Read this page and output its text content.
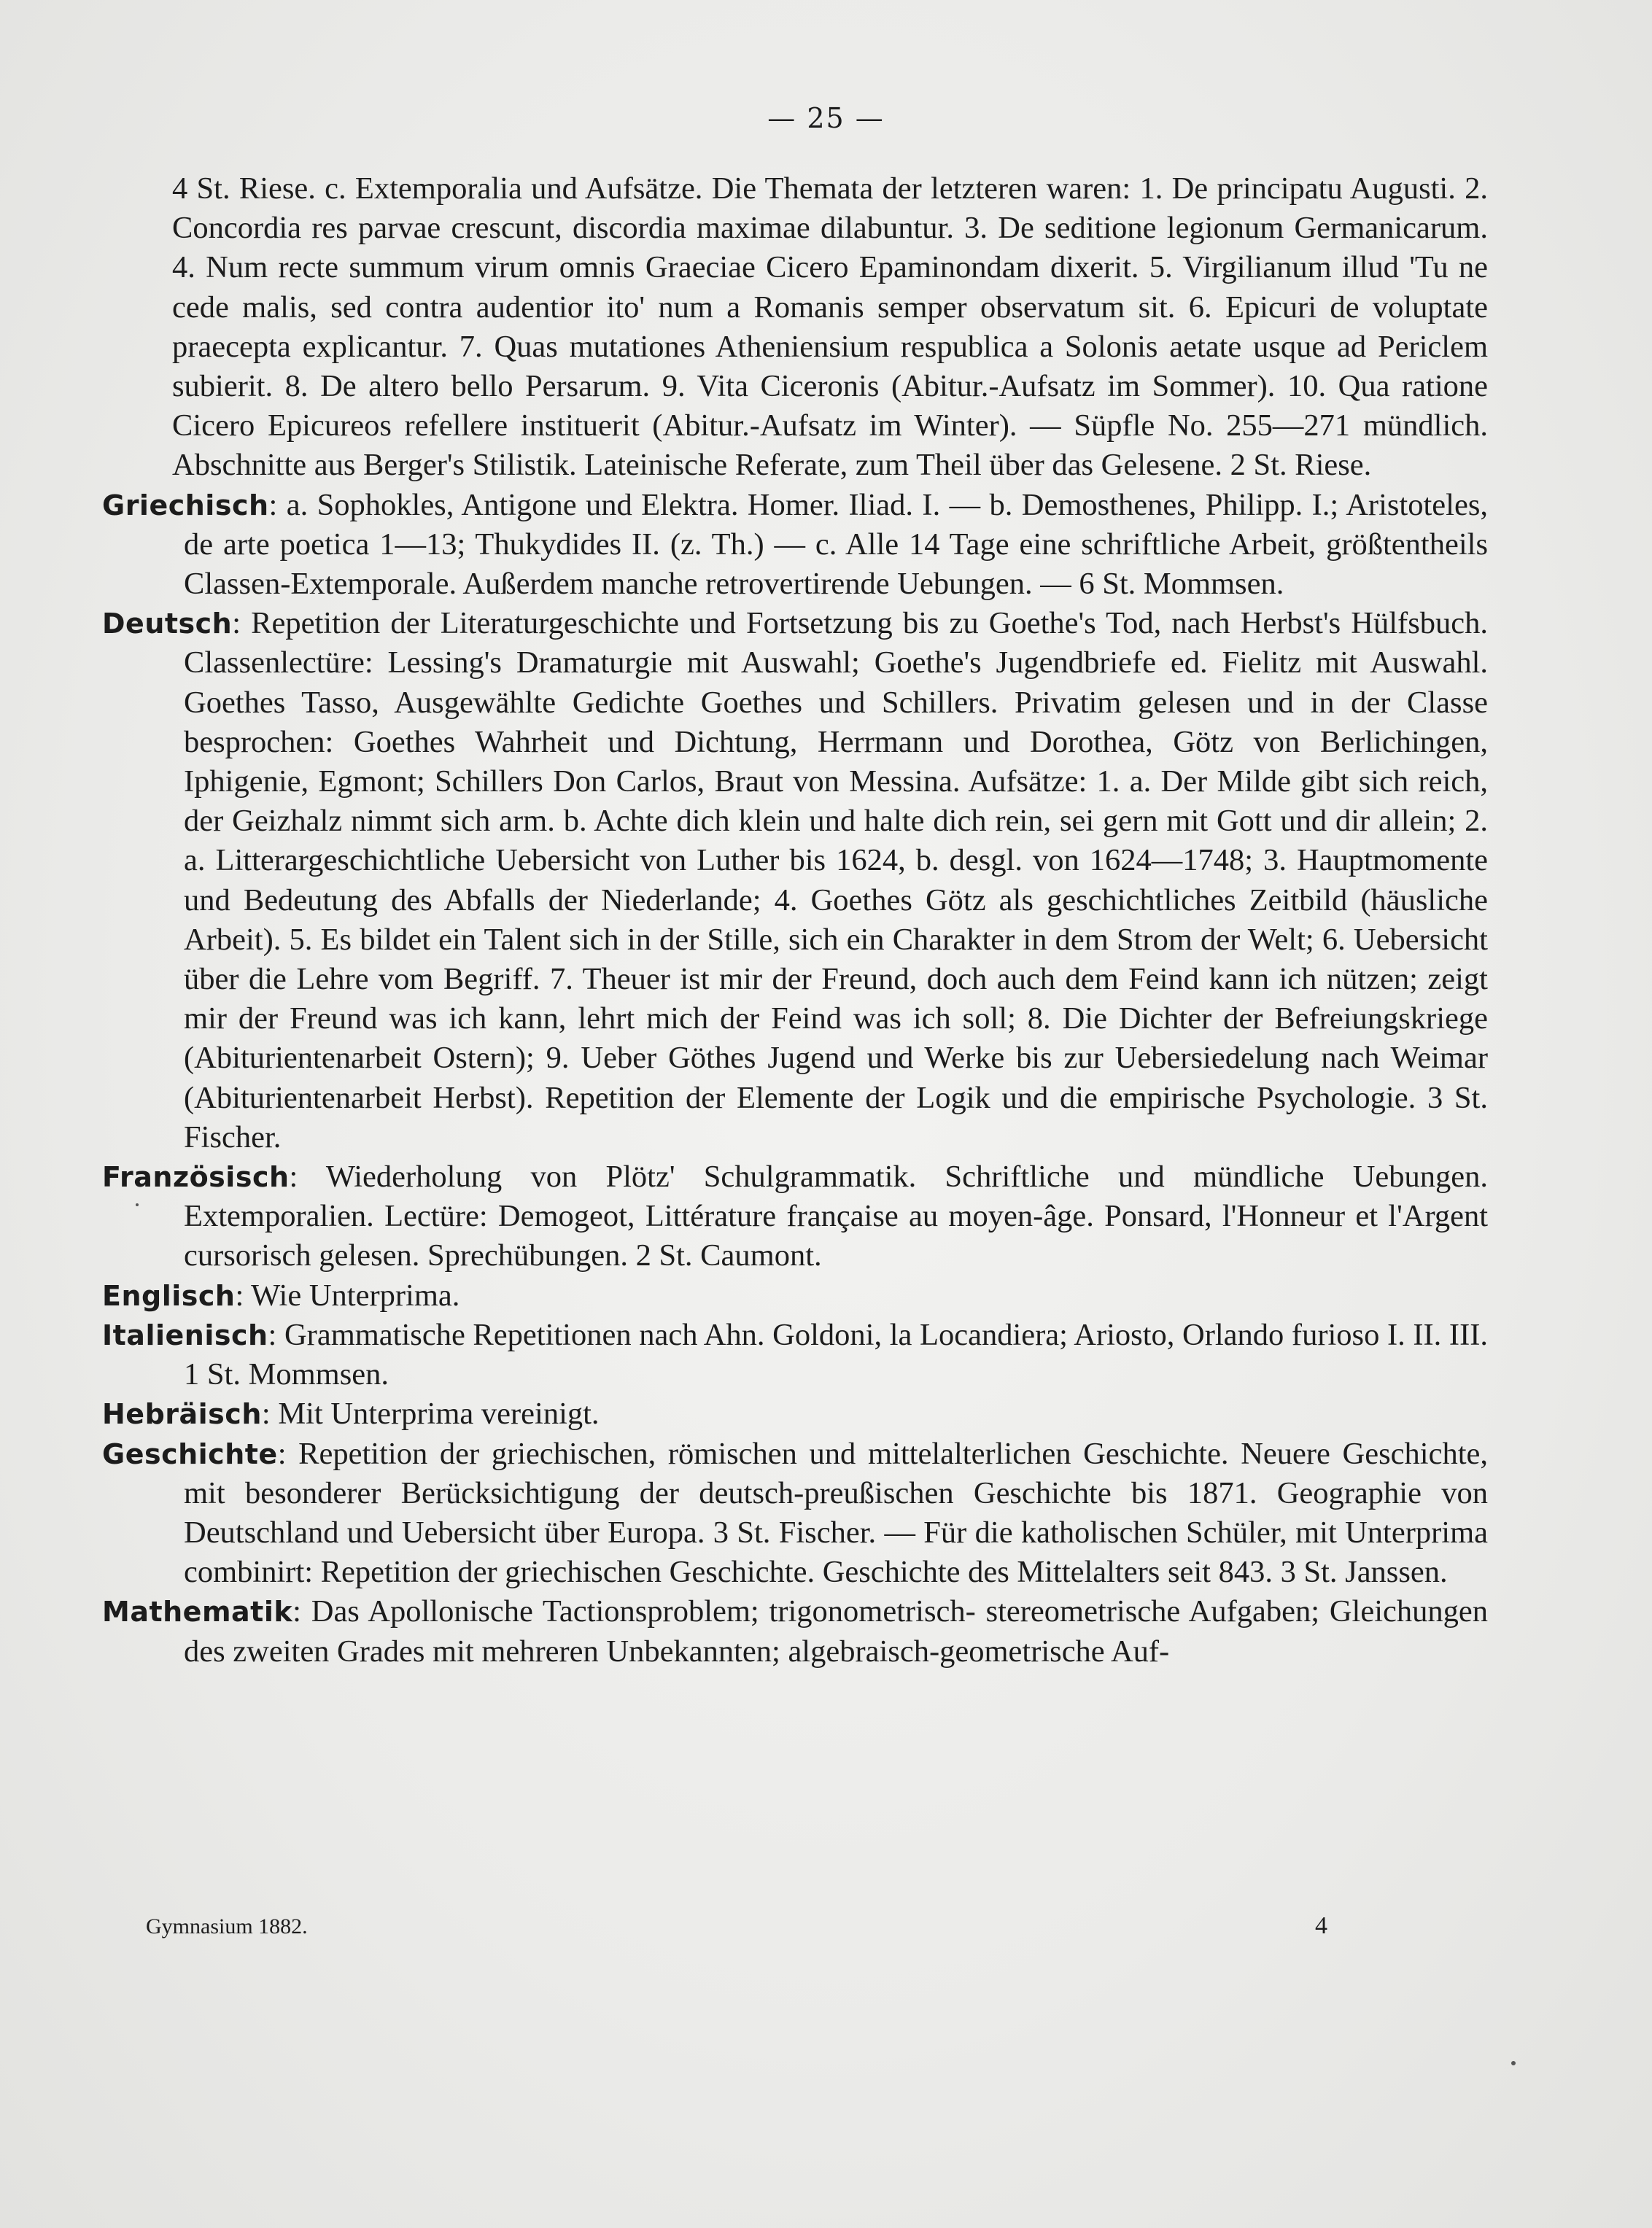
— 25 —

4 St. Riese. c. Extemporalia und Aufsätze. Die Themata der letzteren waren: 1. De principatu Augusti. 2. Concordia res parvae crescunt, discordia maximae dilabuntur. 3. De seditione legionum Germanicarum. 4. Num recte summum virum omnis Graeciae Cicero Epaminondam dixerit. 5. Virgilianum illud 'Tu ne cede malis, sed contra audentior ito' num a Romanis semper observatum sit. 6. Epicuri de voluptate praecepta explicantur. 7. Quas mutationes Atheniensium respublica a Solonis aetate usque ad Periclem subierit. 8. De altero bello Persarum. 9. Vita Ciceronis (Abitur.-Aufsatz im Sommer). 10. Qua ratione Cicero Epicureos refellere instituerit (Abitur.-Aufsatz im Winter). — Süpfle No. 255—271 mündlich. Abschnitte aus Berger's Stilistik. Lateinische Referate, zum Theil über das Gelesene. 2 St. Riese.

Griechisch: a. Sophokles, Antigone und Elektra. Homer. Iliad. I. — b. Demosthenes, Philipp. I.; Aristoteles, de arte poetica 1—13; Thukydides II. (z. Th.) — c. Alle 14 Tage eine schriftliche Arbeit, größtentheils Classen-Extemporale. Außerdem manche retrovertirende Uebungen. — 6 St. Mommsen.

Deutsch: Repetition der Literaturgeschichte und Fortsetzung bis zu Goethe's Tod, nach Herbst's Hülfsbuch. Classenlectüre: Lessing's Dramaturgie mit Auswahl; Goethe's Jugendbriefe ed. Fielitz mit Auswahl. Goethes Tasso, Ausgewählte Gedichte Goethes und Schillers. Privatim gelesen und in der Classe besprochen: Goethes Wahrheit und Dichtung, Herrmann und Dorothea, Götz von Berlichingen, Iphigenie, Egmont; Schillers Don Carlos, Braut von Messina. Aufsätze: 1. a. Der Milde gibt sich reich, der Geizhalz nimmt sich arm. b. Achte dich klein und halte dich rein, sei gern mit Gott und dir allein; 2. a. Litterargeschichtliche Uebersicht von Luther bis 1624, b. desgl. von 1624—1748; 3. Hauptmomente und Bedeutung des Abfalls der Niederlande; 4. Goethes Götz als geschichtliches Zeitbild (häusliche Arbeit). 5. Es bildet ein Talent sich in der Stille, sich ein Charakter in dem Strom der Welt; 6. Uebersicht über die Lehre vom Begriff. 7. Theuer ist mir der Freund, doch auch dem Feind kann ich nützen; zeigt mir der Freund was ich kann, lehrt mich der Feind was ich soll; 8. Die Dichter der Befreiungskriege (Abiturientenarbeit Ostern); 9. Ueber Göthes Jugend und Werke bis zur Uebersiedelung nach Weimar (Abiturientenarbeit Herbst). Repetition der Elemente der Logik und die empirische Psychologie. 3 St. Fischer.

Französisch: Wiederholung von Plötz' Schulgrammatik. Schriftliche und mündliche Uebungen. Extemporalien. Lectüre: Demogeot, Littérature française au moyen-âge. Ponsard, l'Honneur et l'Argent cursorisch gelesen. Sprechübungen. 2 St. Caumont.

Englisch: Wie Unterprima.

Italienisch: Grammatische Repetitionen nach Ahn. Goldoni, la Locandiera; Ariosto, Orlando furioso I. II. III. 1 St. Mommsen.

Hebräisch: Mit Unterprima vereinigt.

Geschichte: Repetition der griechischen, römischen und mittelalterlichen Geschichte. Neuere Geschichte, mit besonderer Berücksichtigung der deutsch-preußischen Geschichte bis 1871. Geographie von Deutschland und Uebersicht über Europa. 3 St. Fischer. — Für die katholischen Schüler, mit Unterprima combinirt: Repetition der griechischen Geschichte. Geschichte des Mittelalters seit 843. 3 St. Janssen.

Mathematik: Das Apollonische Tactionsproblem; trigonometrisch- stereometrische Aufgaben; Gleichungen des zweiten Grades mit mehreren Unbekannten; algebraisch-geometrische Auf-

Gymnasium 1882.	4
